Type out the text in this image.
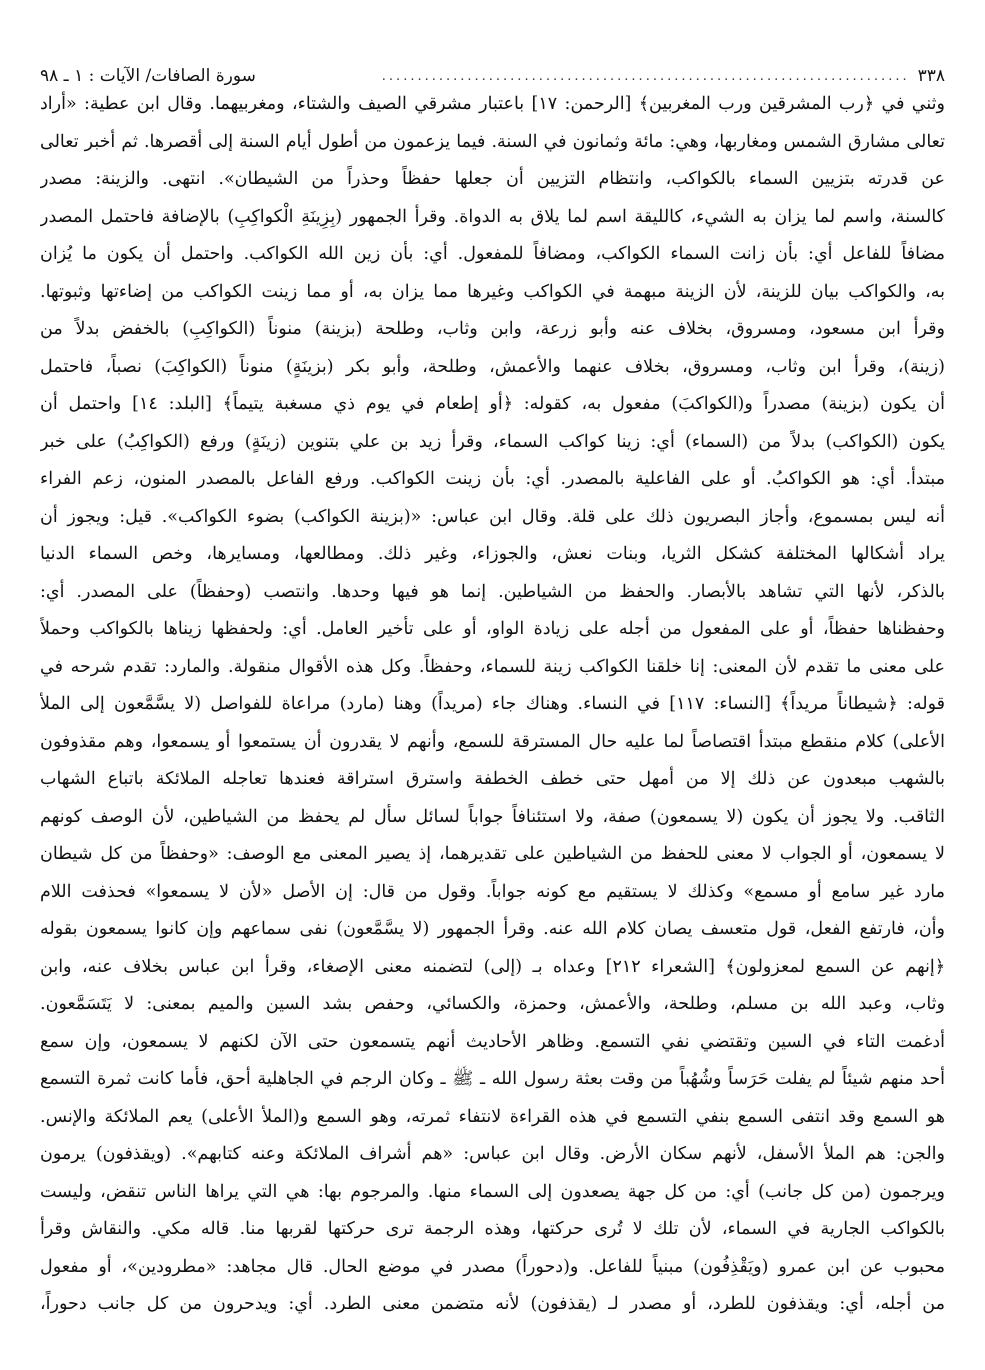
٣٣٨
..........................................................................
سورة الصافات/ الآيات : ١ ـ ٩٨
وثني في ﴿رب المشرقين ورب المغربين﴾ [الرحمن: ١٧] باعتبار مشرقي الصيف والشتاء، ومغربيهما. وقال ابن عطية: «أراد
تعالى مشارق الشمس ومغاربها، وهي: مائة وثمانون في السنة. فيما يزعمون من أطول أيام السنة إلى أقصرها. ثم أخبر تعالى
عن قدرته بتزيين السماء بالكواكب، وانتظام التزيين أن جعلها حفظاً وحذراً من الشيطان». انتهى. والزينة: مصدر
كالسنة، واسم لما يزان به الشيء، كالليقة اسم لما يلاق به الدواة. وقرأ الجمهور (بِزِينَةِ الْكواكِبِ) بالإضافة فاحتمل المصدر
مضافاً للفاعل أي: بأن زانت السماء الكواكب، ومضافاً للمفعول. أي: بأن زين الله الكواكب. واحتمل أن يكون ما يُزان
به، والكواكب بيان للزينة، لأن الزينة مبهمة في الكواكب وغيرها مما يزان به، أو مما زينت الكواكب من إضاءتها وثبوتها.
وقرأ ابن مسعود، ومسروق، بخلاف عنه وأبو زرعة، وابن وثاب، وطلحة (بزينة) منوناً (الكواكِبِ) بالخفض بدلاً من
(زينة)، وقرأ ابن وثاب، ومسروق، بخلاف عنهما والأعمش، وطلحة، وأبو بكر (بزينَةٍ) منوناً (الكواكِبَ) نصباً، فاحتمل
أن يكون (بزينة) مصدراً و(الكواكبَ) مفعول به، كقوله: ﴿أو إطعام في يوم ذي مسغبة يتيماً﴾ [البلد: ١٤] واحتمل أن
يكون (الكواكب) بدلاً من (السماء) أي: زينا كواكب السماء، وقرأ زيد بن علي بتنوين (زينَةٍ) ورفع (الكواكِبُ) على خبر
مبتدأ. أي: هو الكواكبُ. أو على الفاعلية بالمصدر. أي: بأن زينت الكواكب. ورفع الفاعل بالمصدر المنون، زعم الفراء
أنه ليس بمسموع، وأجاز البصريون ذلك على قلة. وقال ابن عباس: «(بزينة الكواكب) بضوء الكواكب». قيل: ويجوز أن
يراد أشكالها المختلفة كشكل الثريا، وبنات نعش، والجوزاء، وغير ذلك. ومطالعها، ومسايرها، وخص السماء الدنيا
بالذكر، لأنها التي تشاهد بالأبصار. والحفظ من الشياطين. إنما هو فيها وحدها. وانتصب (وحفظاً) على المصدر. أي:
وحفظناها حفظاً، أو على المفعول من أجله على زيادة الواو، أو على تأخير العامل. أي: ولحفظها زيناها بالكواكب وحملاً
على معنى ما تقدم لأن المعنى: إنا خلقنا الكواكب زينة للسماء، وحفظاً. وكل هذه الأقوال منقولة. والمارد: تقدم شرحه في
قوله: ﴿شيطاناً مريداً﴾ [النساء: ١١٧] في النساء. وهناك جاء (مريداً) وهنا (مارد) مراعاة للفواصل (لا يسَّمَّعون إلى الملأ
الأعلى) كلام منقطع مبتدأ اقتصاصاً لما عليه حال المسترقة للسمع، وأنهم لا يقدرون أن يستمعوا أو يسمعوا، وهم مقذوفون
بالشهب مبعدون عن ذلك إلا من أمهل حتى خطف الخطفة واسترق استراقة فعندها تعاجله الملائكة باتباع الشهاب
الثاقب. ولا يجوز أن يكون (لا يسمعون) صفة، ولا استئنافاً جواباً لسائل سأل لم يحفظ من الشياطين، لأن الوصف كونهم
لا يسمعون، أو الجواب لا معنى للحفظ من الشياطين على تقديرهما، إذ يصير المعنى مع الوصف: «وحفظاً من كل شيطان
مارد غير سامع أو مسمع» وكذلك لا يستقيم مع كونه جواباً. وقول من قال: إن الأصل «لأن لا يسمعوا» فحذفت اللام
وأن، فارتفع الفعل، قول متعسف يصان كلام الله عنه. وقرأ الجمهور (لا يسَّمَّعون) نفى سماعهم وإن كانوا يسمعون بقوله
﴿إنهم عن السمع لمعزولون﴾ [الشعراء ٢١٢] وعداه بـ (إلى) لتضمنه معنى الإصغاء، وقرأ ابن عباس بخلاف عنه، وابن
وثاب، وعبد الله بن مسلم، وطلحة، والأعمش، وحمزة، والكسائي، وحفص بشد السين والميم بمعنى: لا يَتَسَمَّعون.
أدغمت التاء في السين وتقتضي نفي التسمع. وظاهر الأحاديث أنهم يتسمعون حتى الآن لكنهم لا يسمعون، وإن سمع
أحد منهم شيئاً لم يفلت حَرَساً وشُهُباً من وقت بعثة رسول الله ـ ﷺ ـ وكان الرجم في الجاهلية أحق، فأما كانت ثمرة التسمع
هو السمع وقد انتفى السمع بنفي التسمع في هذه القراءة لانتفاء ثمرته، وهو السمع و(الملأ الأعلى) يعم الملائكة والإنس.
والجن: هم الملأ الأسفل، لأنهم سكان الأرض. وقال ابن عباس: «هم أشراف الملائكة وعنه كتابهم». (ويقذفون) يرمون
ويرجمون (من كل جانب) أي: من كل جهة يصعدون إلى السماء منها. والمرجوم بها: هي التي يراها الناس تنقض، وليست
بالكواكب الجارية في السماء، لأن تلك لا تُرى حركتها، وهذه الرجمة ترى حركتها لقربها منا. قاله مكي. والنقاش وقرأ
محبوب عن ابن عمرو (ويَقْذِفُون) مبنياً للفاعل. و(دحوراً) مصدر في موضع الحال. قال مجاهد: «مطرودين»، أو مفعول
من أجله، أي: ويقذفون للطرد، أو مصدر لـ (يقذفون) لأنه متضمن معنى الطرد. أي: ويدحرون من كل جانب دحوراً،
